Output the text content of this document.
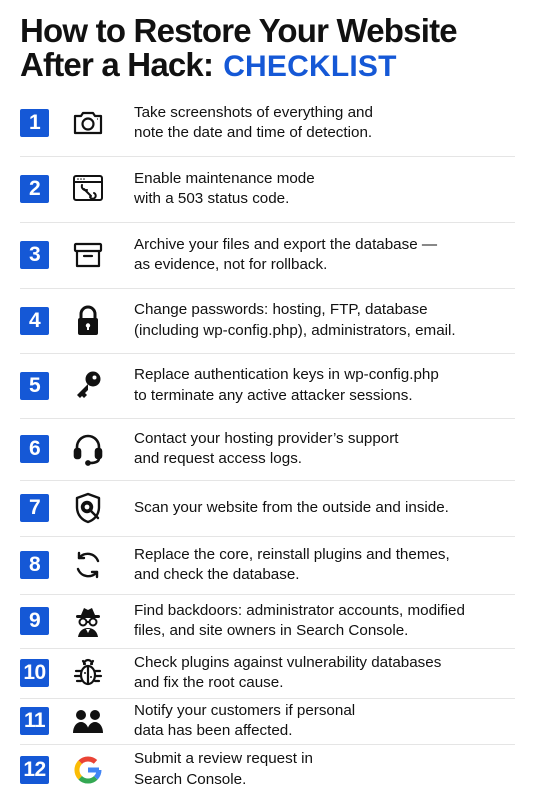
How to Restore Your Website
After a Hack: CHECKLIST
1	Take screenshots of everything and
note the date and time of detection.
2	Enable maintenance mode
with a 503 status code.
3	Archive your files and export the database —
as evidence, not for rollback.
4	Change passwords: hosting, FTP, database
(including wp-config.php), administrators, email.
5	Replace authentication keys in wp-config.php
to terminate any active attacker sessions.
6	Contact your hosting provider’s support
and request access logs.
7	Scan your website from the outside and inside.
8	Replace the core, reinstall plugins and themes,
and check the database.
9	Find backdoors: administrator accounts, modified
files, and site owners in Search Console.
10	Check plugins against vulnerability databases
and fix the root cause.
11	Notify your customers if personal
data has been affected.
12	Submit a review request in
Search Console.
